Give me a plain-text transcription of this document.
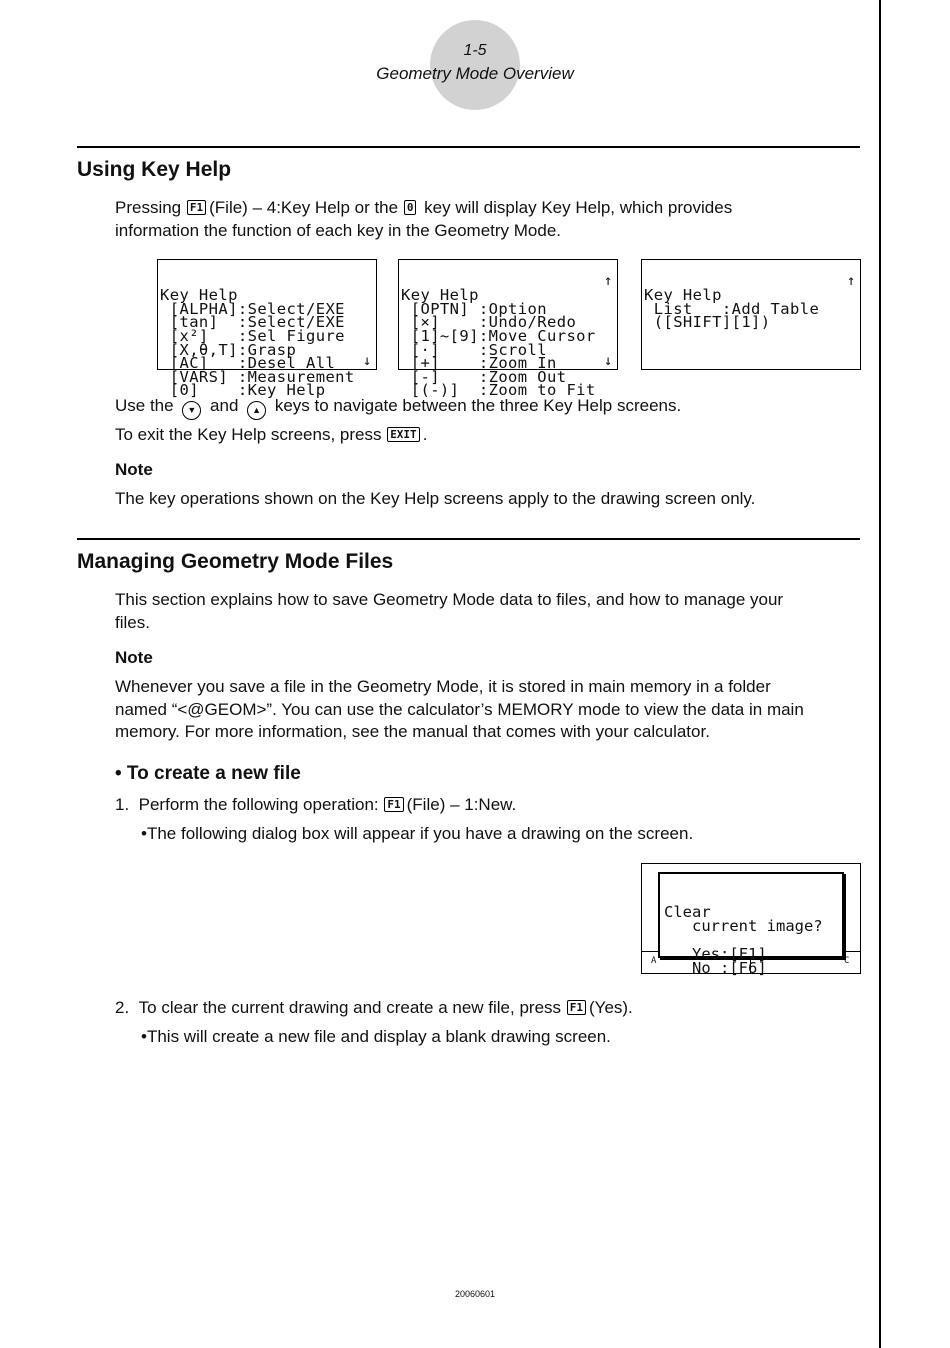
1-5
Geometry Mode Overview
Using Key Help

Pressing F1 (File) – 4:Key Help or the 0 key will display Key Help, which provides
information the function of each key in the Geometry Mode.

Key Help
[ALPHA]:Select/EXE
[tan]  :Select/EXE
[x²]   :Sel Figure
[X,θ,T]:Grasp
[AC]   :Desel All
[VARS] :Measurement
[0]    :Key Help

↓

Key Help
[OPTN] :Option
[×]    :Undo/Redo
[1]~[9]:Move Cursor
[·]    :Scroll
[+]    :Zoom In
[-]    :Zoom Out
[(-)]  :Zoom to Fit

↑

↓

Key Help
List   :Add Table
([SHIFT][1])

↑

Use the ▼ and ▲ keys to navigate between the three Key Help screens.

To exit the Key Help screens, press EXIT .

Note

The key operations shown on the Key Help screens apply to the drawing screen only.

Managing Geometry Mode Files

This section explains how to save Geometry Mode data to files, and how to manage your
files.

Note

Whenever you save a file in the Geometry Mode, it is stored in main memory in a folder
named “<@GEOM>”. You can use the calculator’s MEMORY mode to view the data in main
memory. For more information, see the manual that comes with your calculator.

• To create a new file
1. Perform the following operation: F1 (File) – 1:New.
•The following dialog box will appear if you have a drawing on the screen.
A	C

Clear
current image?
Yes:[F1]
No :[F6]

2. To clear the current drawing and create a new file, press F1 (Yes).
•This will create a new file and display a blank drawing screen.
20060601
